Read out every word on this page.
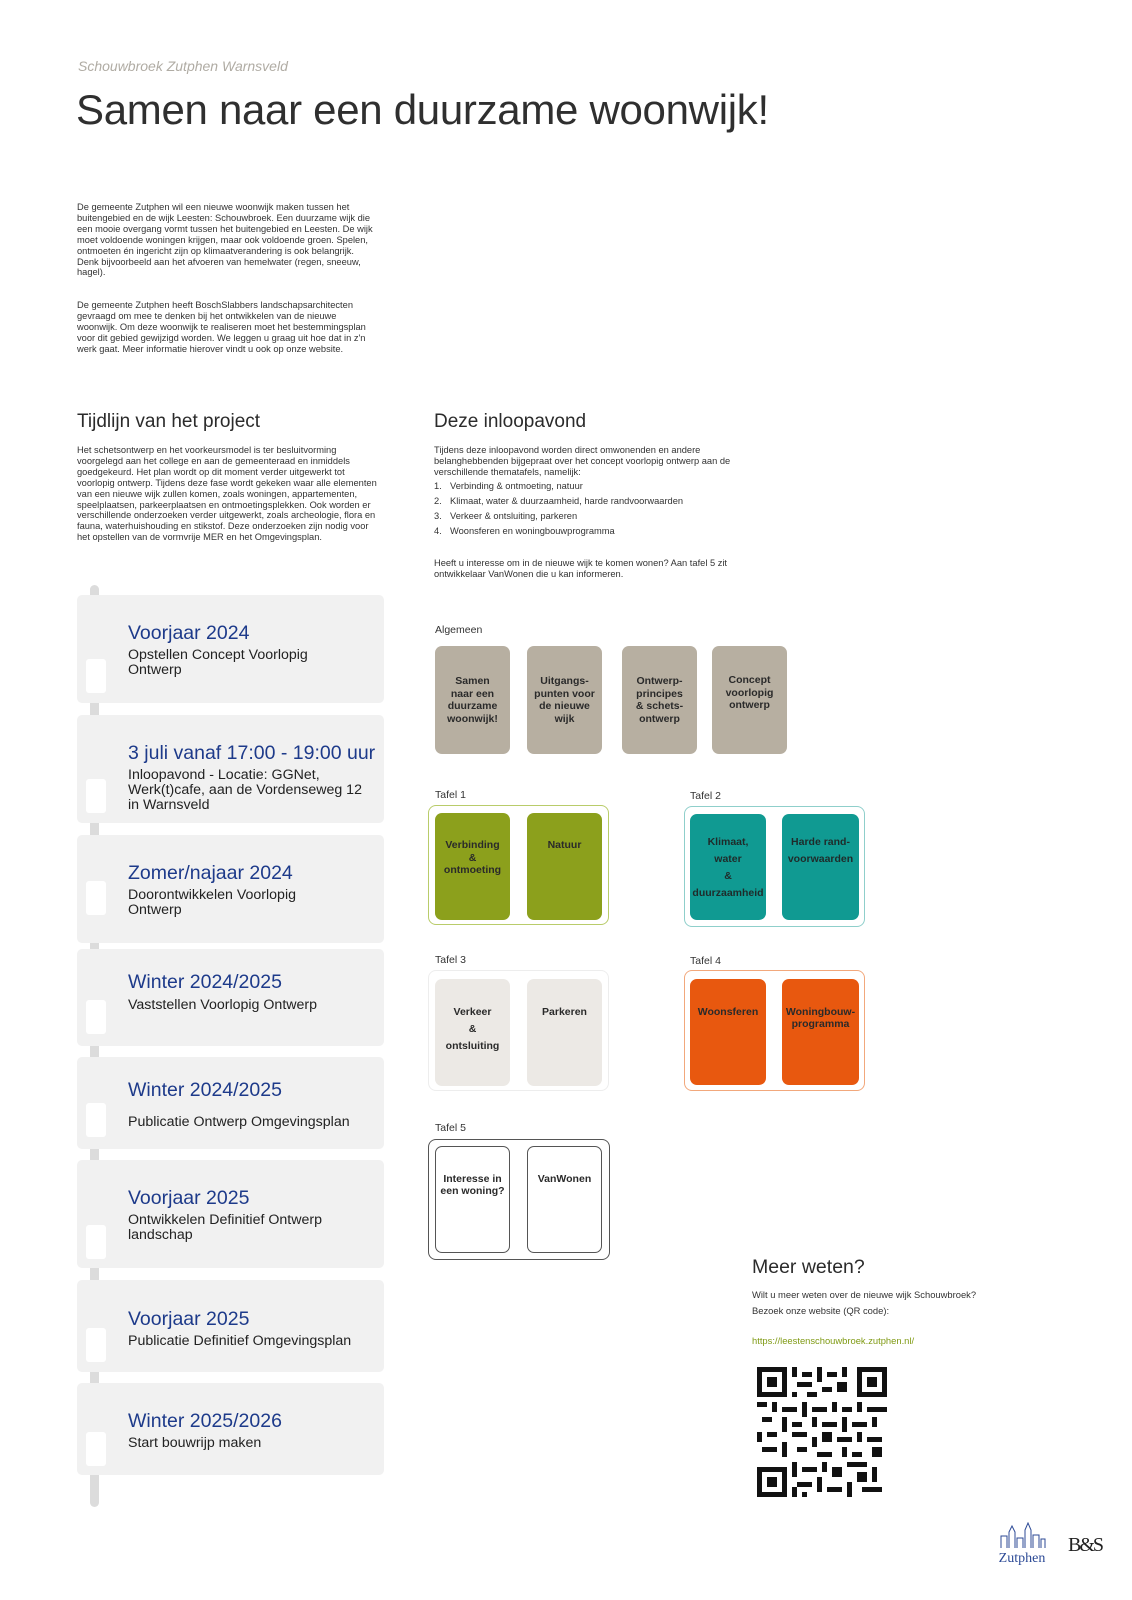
Schouwbroek Zutphen Warnsveld
Samen naar een duurzame woonwijk!
De gemeente Zutphen wil een nieuwe woonwijk maken tussen het buitengebied en de wijk Leesten: Schouwbroek. Een duurzame wijk die een mooie overgang vormt tussen het buitengebied en Leesten. De wijk moet voldoende woningen krijgen, maar ook voldoende groen. Spelen, ontmoeten én ingericht zijn op klimaatverandering is ook belangrijk. Denk bijvoorbeeld aan het afvoeren van hemelwater (regen, sneeuw, hagel).
De gemeente Zutphen heeft BoschSlabbers landschapsarchitecten gevraagd om mee te denken bij het ontwikkelen van de nieuwe woonwijk. Om deze woonwijk te realiseren moet het bestemmingsplan voor dit gebied gewijzigd worden. We leggen u graag uit hoe dat in z'n werk gaat. Meer informatie hierover vindt u ook op onze website.
Tijdlijn van het project
Het schetsontwerp en het voorkeursmodel is ter besluitvorming voorgelegd aan het college en aan de gemeenteraad en inmiddels goedgekeurd. Het plan wordt op dit moment verder uitgewerkt tot voorlopig ontwerp. Tijdens deze fase wordt gekeken waar alle elementen van een nieuwe wijk zullen komen, zoals woningen, appartementen, speelplaatsen, parkeerplaatsen en ontmoetingsplekken. Ook worden er verschillende onderzoeken verder uitgewerkt, zoals archeologie, flora en fauna, waterhuishouding en stikstof. Deze onderzoeken zijn nodig voor het opstellen van de vormvrije MER en het Omgevingsplan.
Deze inloopavond
Tijdens deze inloopavond worden direct omwonenden en andere belanghebbenden bijgepraat over het concept voorlopig ontwerp aan de verschillende thematafels, namelijk:
1. Verbinding & ontmoeting, natuur
2. Klimaat, water & duurzaamheid, harde randvoorwaarden
3. Verkeer & ontsluiting, parkeren
4. Woonsferen en woningbouwprogramma
Heeft u interesse om in de nieuwe wijk te komen wonen? Aan tafel 5 zit ontwikkelaar VanWonen die u kan informeren.
Voorjaar 2024
Opstellen Concept Voorlopig Ontwerp
3 juli vanaf 17:00 - 19:00 uur
Inloopavond - Locatie: GGNet, Werk(t)cafe, aan de Vordenseweg 12 in Warnsveld
Zomer/najaar 2024
Doorontwikkelen Voorlopig Ontwerp
Winter 2024/2025
Vaststellen Voorlopig Ontwerp
Winter 2024/2025
Publicatie Ontwerp Omgevingsplan
Voorjaar 2025
Ontwikkelen Definitief Ontwerp landschap
Voorjaar 2025
Publicatie Definitief Omgevingsplan
Winter 2025/2026
Start bouwrijp maken
Algemeen
Samen
naar een
duurzame
woonwijk!
Uitgangs-
punten voor
de nieuwe
wijk
Ontwerp-
principes
& schets-
ontwerp
Concept
voorlopig
ontwerp
Tafel 1
Verbinding
&
ontmoeting
Natuur
Tafel 2
Klimaat,
water
&
duurzaamheid
Harde rand-
voorwaarden
Tafel 3
Verkeer
&
ontsluiting
Parkeren
Tafel 4
Woonsferen	Woningbouw-
programma
Tafel 5
Interesse in
een woning?
VanWonen
Meer weten?
Wilt u meer weten over de nieuwe wijk Schouwbroek?
Bezoek onze website (QR code):
https://leestenschouwbroek.zutphen.nl/
Zutphen
B&S
